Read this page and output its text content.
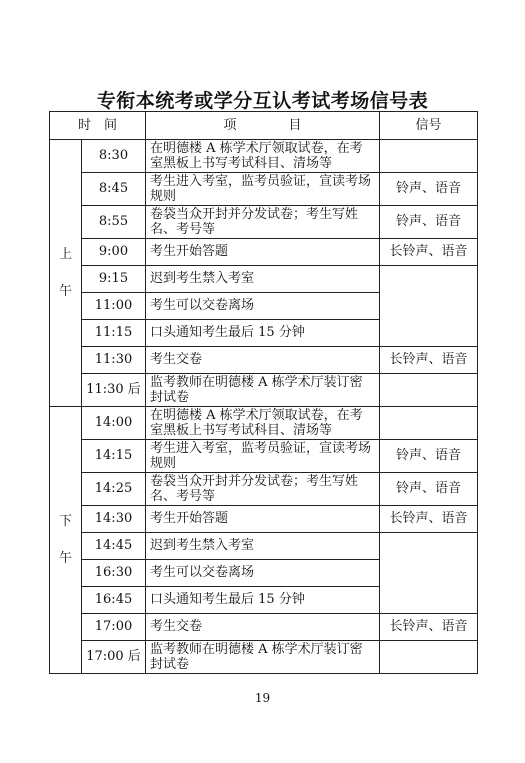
专衔本统考或学分互认考试考场信号表
时　间		项　　　　目	信号

上
午	8:30	在明德楼 A 栋学术厅领取试卷，在考室黑板上书写考试科目、清场等	
	8:45	考生进入考室，监考员验证，宣读考场规则	铃声、语音
	8:55	卷袋当众开封并分发试卷；考生写姓名、考号等	铃声、语音
	9:00	考生开始答题	长铃声、语音
	9:15	迟到考生禁入考室	
	11:00	考生可以交卷离场	
	11:15	口头通知考生最后 15 分钟	
	11:30	考生交卷	长铃声、语音
	11:30 后	监考教师在明德楼 A 栋学术厅装订密封试卷	

下
午	14:00	在明德楼 A 栋学术厅领取试卷，在考室黑板上书写考试科目、清场等	
	14:15	考生进入考室，监考员验证，宣读考场规则	铃声、语音
	14:25	卷袋当众开封并分发试卷；考生写姓名、考号等	铃声、语音
	14:30	考生开始答题	长铃声、语音
	14:45	迟到考生禁入考室	
	16:30	考生可以交卷离场	
	16:45	口头通知考生最后 15 分钟	
	17:00	考生交卷	长铃声、语音
	17:00 后	监考教师在明德楼 A 栋学术厅装订密封试卷	
19
